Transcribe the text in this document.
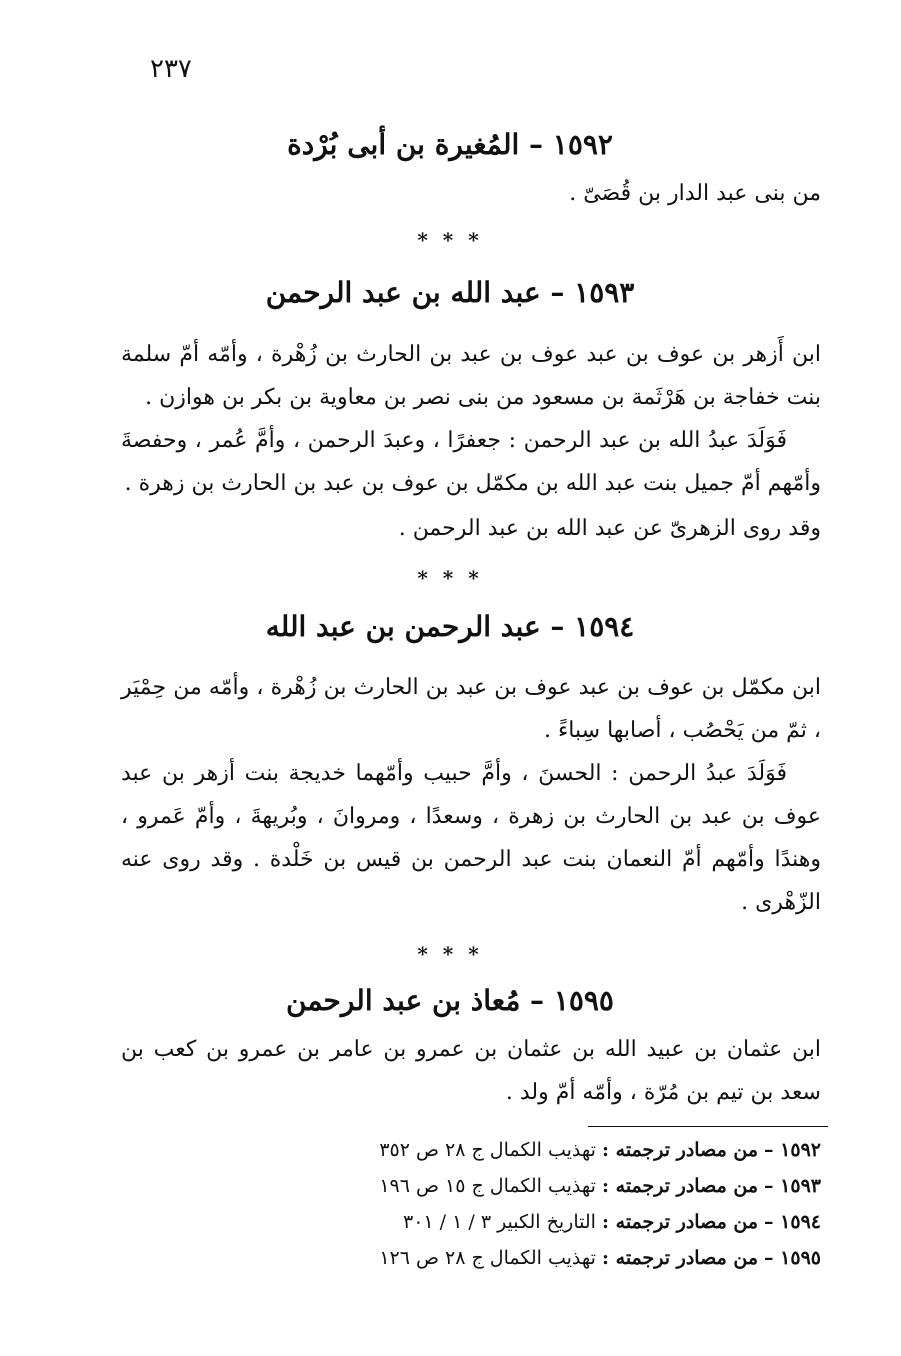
٢٣٧
١٥٩٢ – المُغيرة بن أبى بُرْدة
من بنى عبد الدار بن قُصَىّ .
* * *
١٥٩٣ – عبد الله بن عبد الرحمن
ابن أَزهر بن عوف بن عبد عوف بن عبد بن الحارث بن زُهْرة ، وأمّه أمّ سلمة بنت خفاجة بن هَرْثَمة بن مسعود من بنى نصر بن معاوية بن بكر بن هوازن .
فَوَلَدَ عبدُ الله بن عبد الرحمن : جعفرًا ، وعبدَ الرحمن ، وأمَّ عُمر ، وحفصةَ وأمّهم أمّ جميل بنت عبد الله بن مكمّل بن عوف بن عبد بن الحارث بن زهرة .
وقد روى الزهرىّ عن عبد الله بن عبد الرحمن .
* * *
١٥٩٤ – عبد الرحمن بن عبد الله
ابن مكمّل بن عوف بن عبد عوف بن عبد بن الحارث بن زُهْرة ، وأمّه من حِمْيَر ، ثمّ من يَحْصُب ، أصابها سِباءً .
فَوَلَدَ عبدُ الرحمن : الحسنَ ، وأمَّ حبيب وأمّهما خديجة بنت أزهر بن عبد عوف بن عبد بن الحارث بن زهرة ، وسعدًا ، ومروانَ ، وبُريهةَ ، وأمّ عَمرو ، وهندًا وأمّهم أمّ النعمان بنت عبد الرحمن بن قيس بن خَلْدة . وقد روى عنه الزّهْرى .
* * *
١٥٩٥ – مُعاذ بن عبد الرحمن
ابن عثمان بن عبيد الله بن عثمان بن عمرو بن عامر بن عمرو بن كعب بن سعد بن تيم بن مُرّة ، وأمّه أمّ ولد .
١٥٩٢ – من مصادر ترجمته : تهذيب الكمال ج ٢٨ ص ٣٥٢
١٥٩٣ – من مصادر ترجمته : تهذيب الكمال ج ١٥ ص ١٩٦
١٥٩٤ – من مصادر ترجمته : التاريخ الكبير ٣ / ١ / ٣٠١
١٥٩٥ – من مصادر ترجمته : تهذيب الكمال ج ٢٨ ص ١٢٦
